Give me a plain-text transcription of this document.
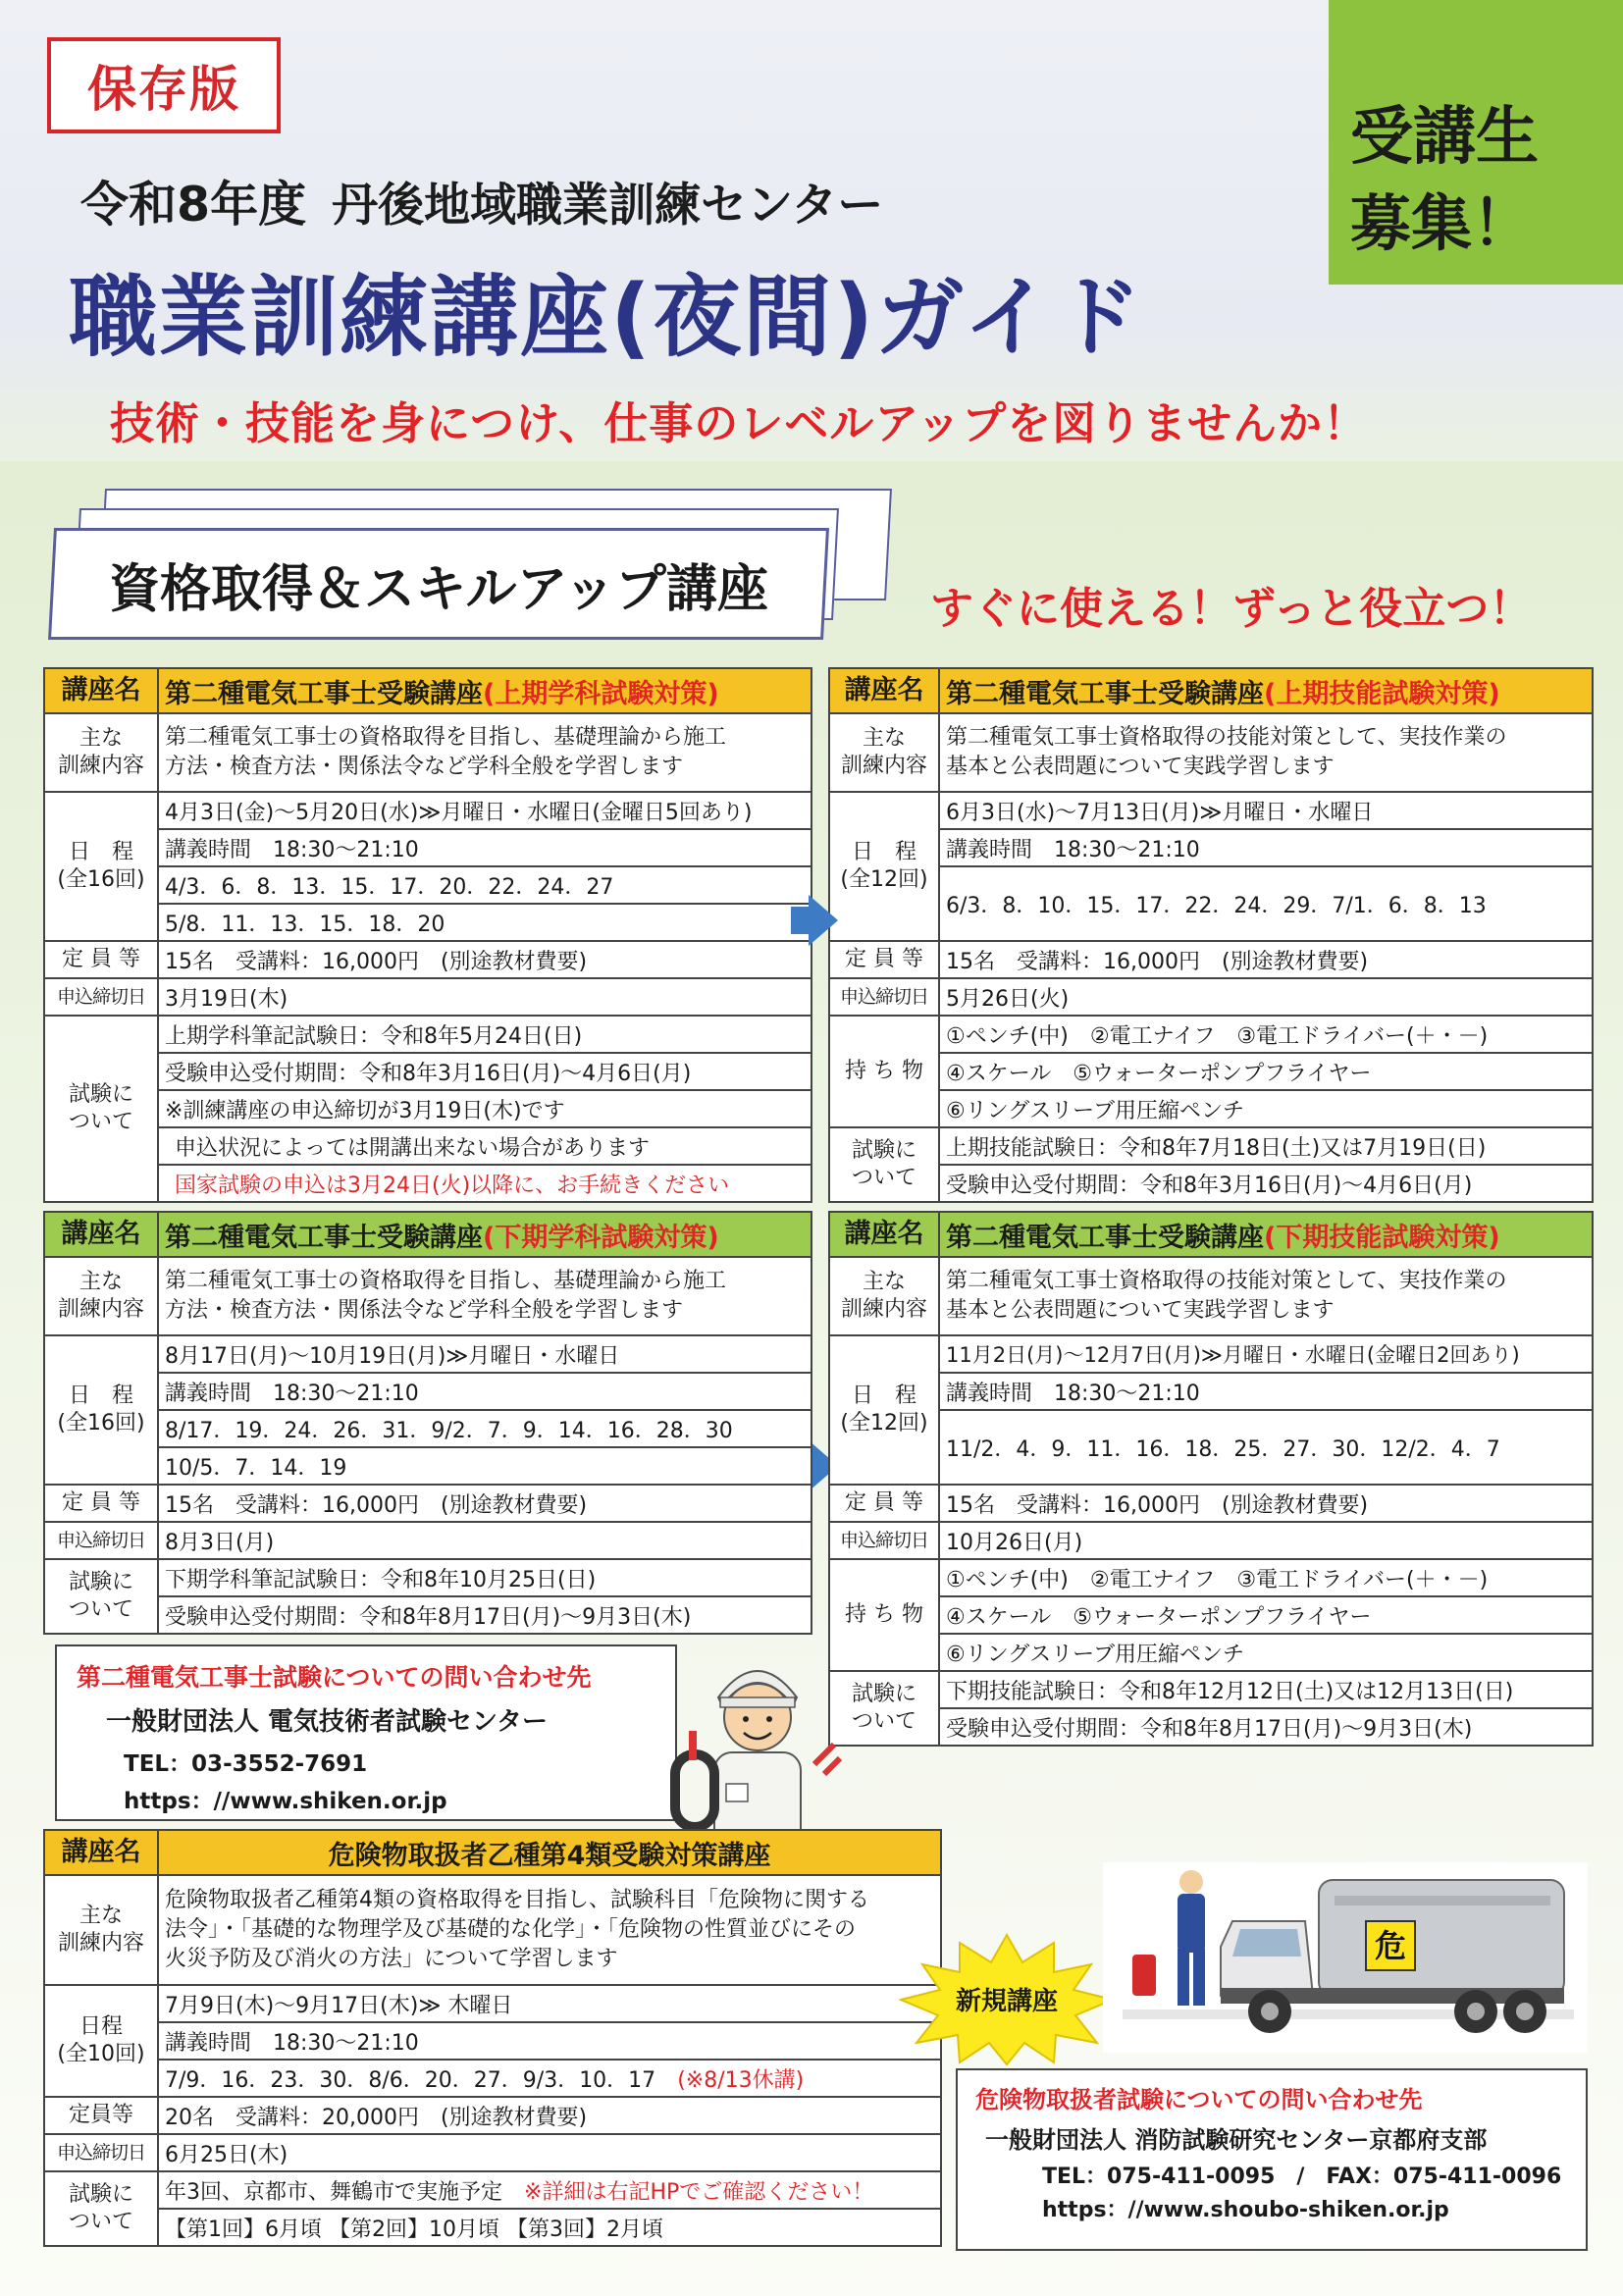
保存版
受講生
募集！
令和8年度 丹後地域職業訓練センター
職業訓練講座(夜間)ガイド
技術・技能を身につけ、仕事のレベルアップを図りませんか！
資格取得＆スキルアップ講座	すぐに使える！ずっと役立つ！
講座名	第二種電気工事士受験講座(上期学科試験対策)
主な
訓練内容	第二種電気工事士の資格取得を目指し、基礎理論から施工
方法・検査方法・関係法令など学科全般を学習します
日　程
(全16回)	4月3日(金)～5月20日(水)≫月曜日・水曜日(金曜日5回あり)
	講義時間　18:30～21:10
	4/3．6．8．13．15．17．20．22．24．27
	5/8．11．13．15．18．20
定 員 等	15名　受講料：16,000円　(別途教材費要)
申込締切日	3月19日(木)
試験に
ついて	上期学科筆記試験日：令和8年5月24日(日)
	受験申込受付期間：令和8年3月16日(月)～4月6日(月)
	※訓練講座の申込締切が3月19日(木)です
	申込状況によっては開講出来ない場合があります
	国家試験の申込は3月24日(火)以降に、お手続きください
講座名	第二種電気工事士受験講座(上期技能試験対策)
主な
訓練内容	第二種電気工事士資格取得の技能対策として、実技作業の
基本と公表問題について実践学習します
日　程
(全12回)	6月3日(水)～7月13日(月)≫月曜日・水曜日
	講義時間　18:30～21:10
	6/3．8．10．15．17．22．24．29．7/1．6．8．13
定 員 等	15名　受講料：16,000円　(別途教材費要)
申込締切日	5月26日(火)
持 ち 物	①ペンチ(中)　②電工ナイフ　③電工ドライバー(＋・－)
	④スケール　⑤ウォーターポンプフライヤー
	⑥リングスリーブ用圧縮ペンチ
試験に
ついて	上期技能試験日：令和8年7月18日(土)又は7月19日(日)
	受験申込受付期間：令和8年3月16日(月)～4月6日(月)
講座名	第二種電気工事士受験講座(下期学科試験対策)
主な
訓練内容	第二種電気工事士の資格取得を目指し、基礎理論から施工
方法・検査方法・関係法令など学科全般を学習します
日　程
(全16回)	8月17日(月)～10月19日(月)≫月曜日・水曜日
	講義時間　18:30～21:10
	8/17．19．24．26．31．9/2．7．9．14．16．28．30
	10/5．7．14．19
定 員 等	15名　受講料：16,000円　(別途教材費要)
申込締切日	8月3日(月)
試験に
ついて	下期学科筆記試験日：令和8年10月25日(日)
	受験申込受付期間：令和8年8月17日(月)～9月3日(木)
講座名	第二種電気工事士受験講座(下期技能試験対策)
主な
訓練内容	第二種電気工事士資格取得の技能対策として、実技作業の
基本と公表問題について実践学習します
日　程
(全12回)	11月2日(月)～12月7日(月)≫月曜日・水曜日(金曜日2回あり)
	講義時間　18:30～21:10
	11/2．4．9．11．16．18．25．27．30．12/2．4．7
定 員 等	15名　受講料：16,000円　(別途教材費要)
申込締切日	10月26日(月)
持 ち 物	①ペンチ(中)　②電工ナイフ　③電工ドライバー(＋・－)
	④スケール　⑤ウォーターポンプフライヤー
	⑥リングスリーブ用圧縮ペンチ
試験に
ついて	下期技能試験日：令和8年12月12日(土)又は12月13日(日)
	受験申込受付期間：令和8年8月17日(月)～9月3日(木)
第二種電気工事士試験についての問い合わせ先
一般財団法人 電気技術者試験センター
TEL：03-3552-7691
https：//www.shiken.or.jp
講座名	危険物取扱者乙種第4類受験対策講座
主な
訓練内容	危険物取扱者乙種第4類の資格取得を目指し、試験科目「危険物に関する
法令」・「基礎的な物理学及び基礎的な化学」・「危険物の性質並びにその
火災予防及び消火の方法」について学習します
日程
(全10回)	7月9日(木)～9月17日(木)≫ 木曜日
	講義時間　18:30～21:10
	7/9．16．23．30．8/6．20．27．9/3．10．17　 (※8/13休講)
定員等	20名　受講料：20,000円　(別途教材費要)
申込締切日	6月25日(木)
試験に
ついて	年3回、京都市、舞鶴市で実施予定　 ※詳細は右記HPでご確認ください！
	【第1回】6月頃 【第2回】10月頃 【第3回】2月頃
新規講座
危
危険物取扱者試験についての問い合わせ先
一般財団法人 消防試験研究センター京都府支部
TEL：075-411-0095　/　FAX：075-411-0096
https：//www.shoubo-shiken.or.jp
